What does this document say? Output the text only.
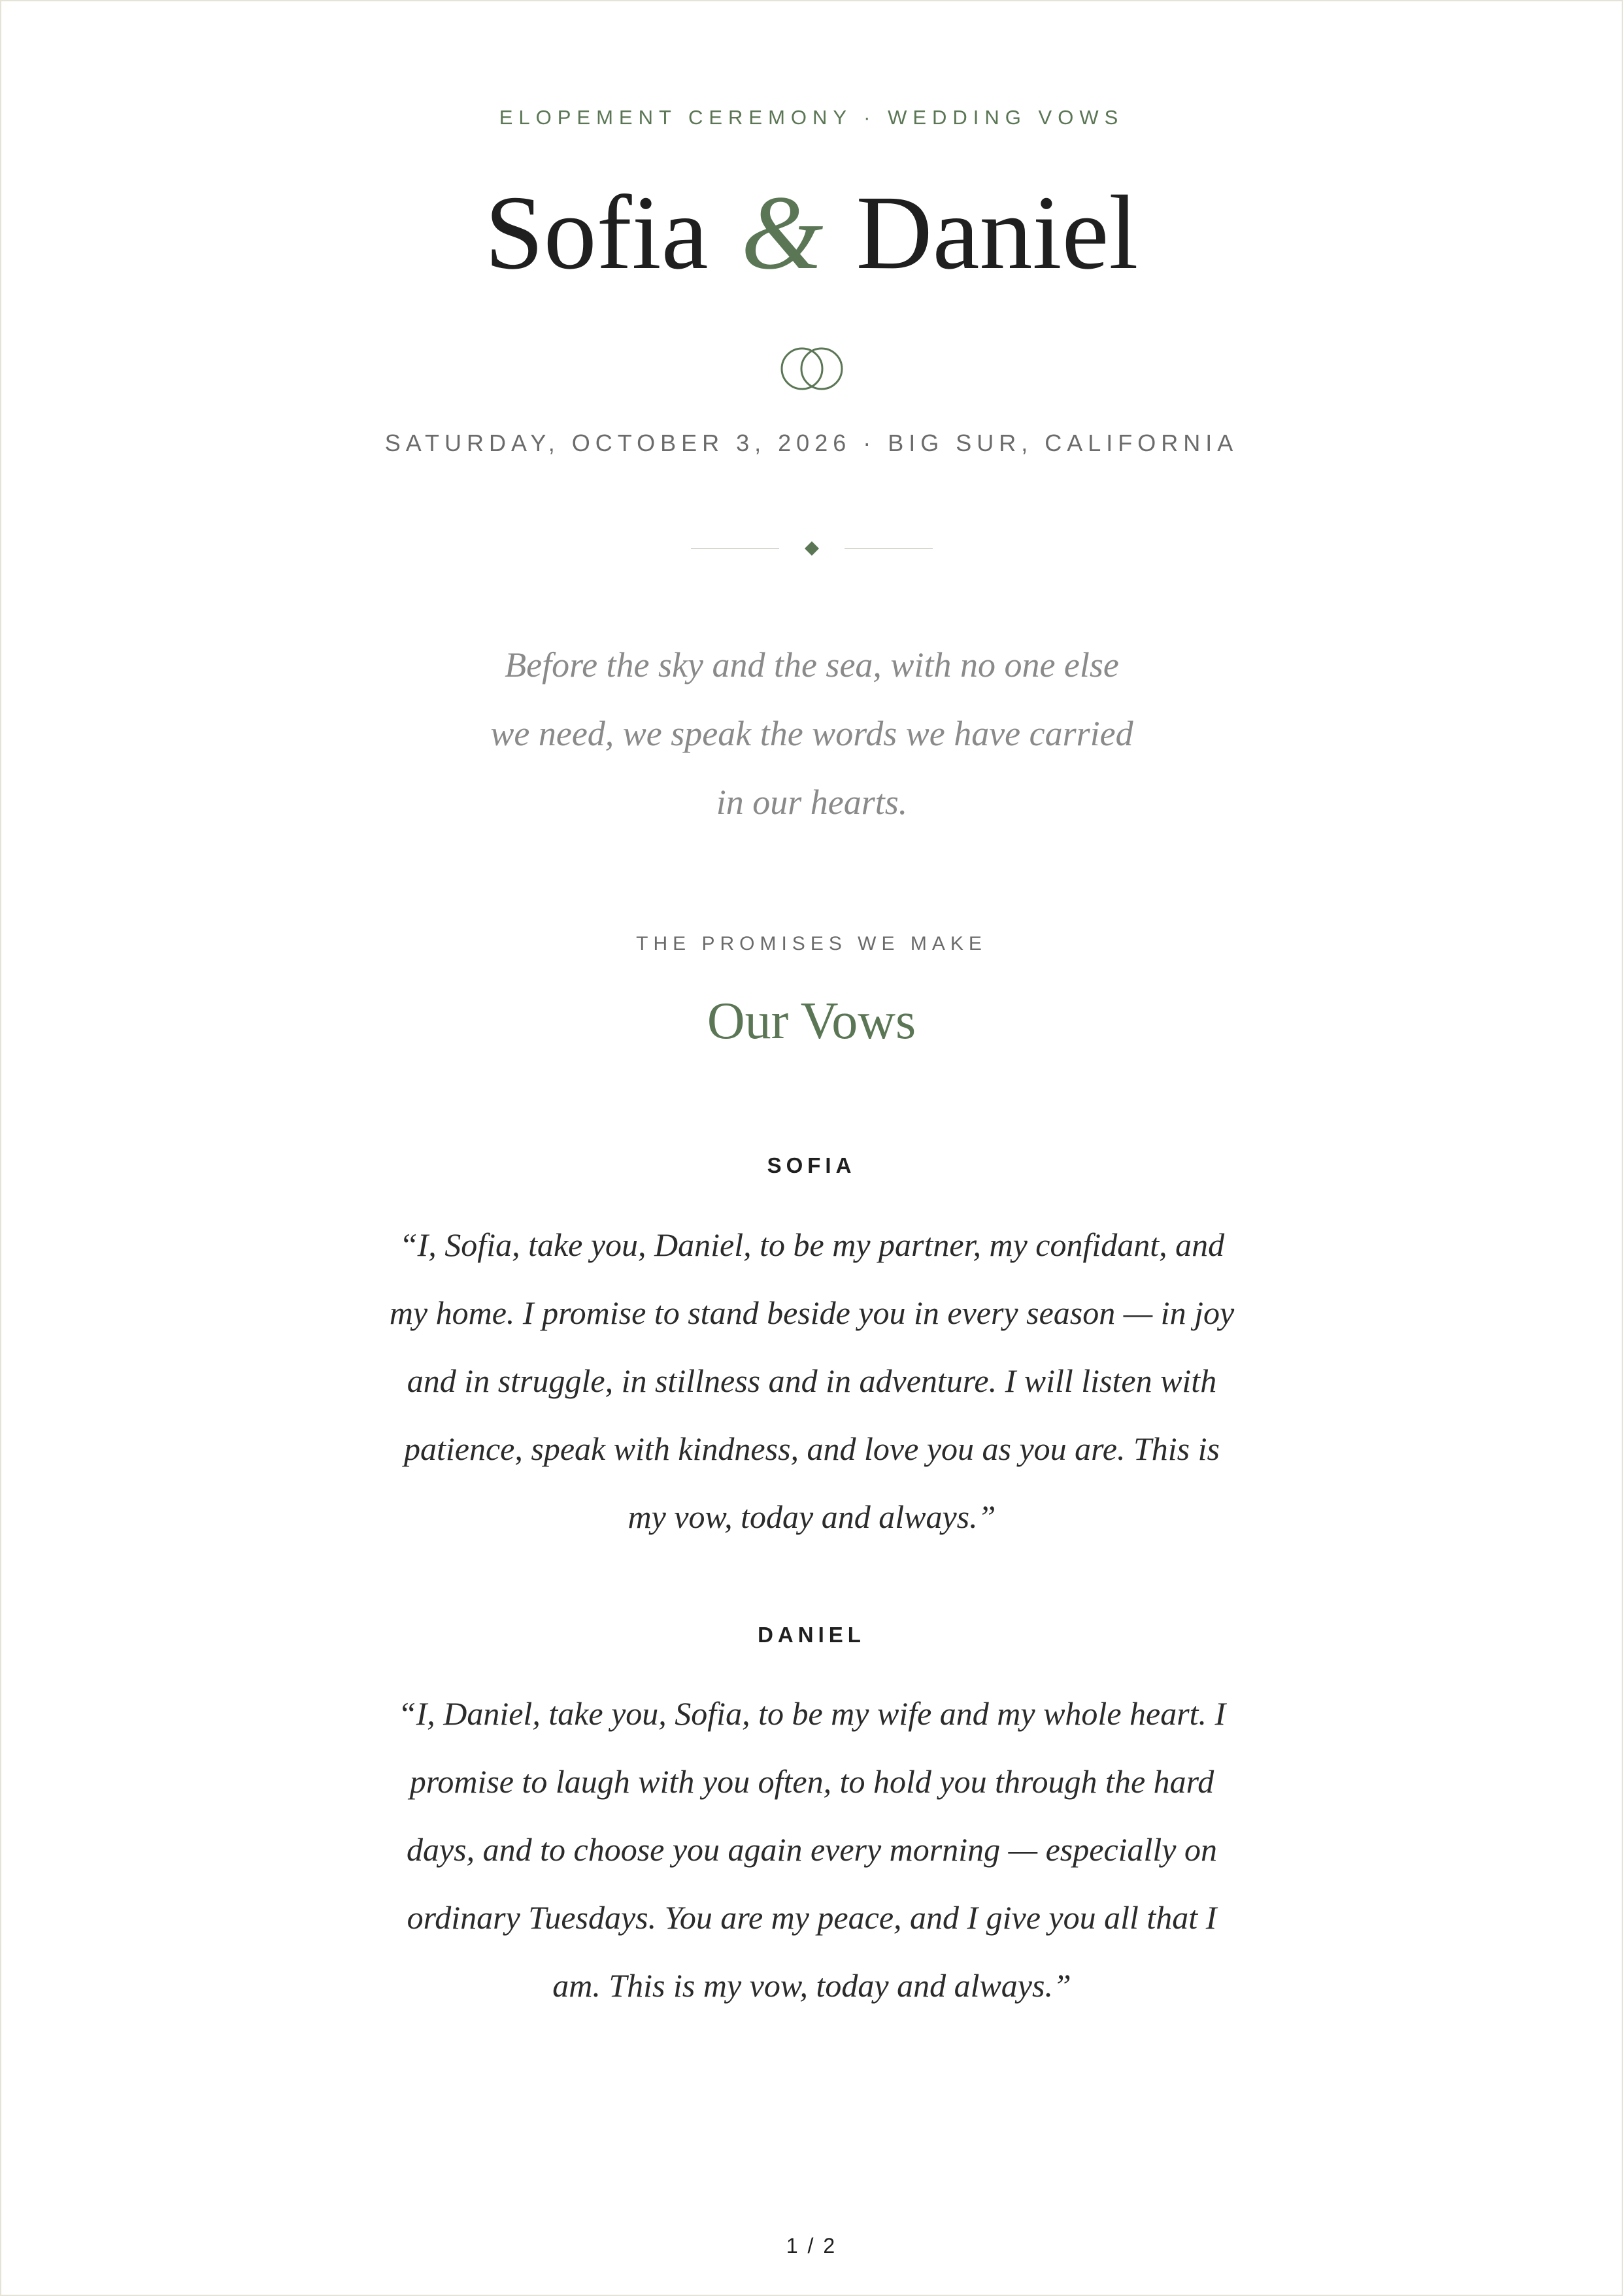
ELOPEMENT CEREMONY · WEDDING VOWS
Sofia & Daniel
SATURDAY, OCTOBER 3, 2026 · BIG SUR, CALIFORNIA
Before the sky and the sea, with no one else we need, we speak the words we have carried in our hearts.
THE PROMISES WE MAKE
Our Vows
SOFIA
“I, Sofia, take you, Daniel, to be my partner, my confidant, and my home. I promise to stand beside you in every season — in joy and in struggle, in stillness and in adventure. I will listen with patience, speak with kindness, and love you as you are. This is my vow, today and always.”
DANIEL
“I, Daniel, take you, Sofia, to be my wife and my whole heart. I promise to laugh with you often, to hold you through the hard days, and to choose you again every morning — especially on ordinary Tuesdays. You are my peace, and I give you all that I am. This is my vow, today and always.”
1 / 2
